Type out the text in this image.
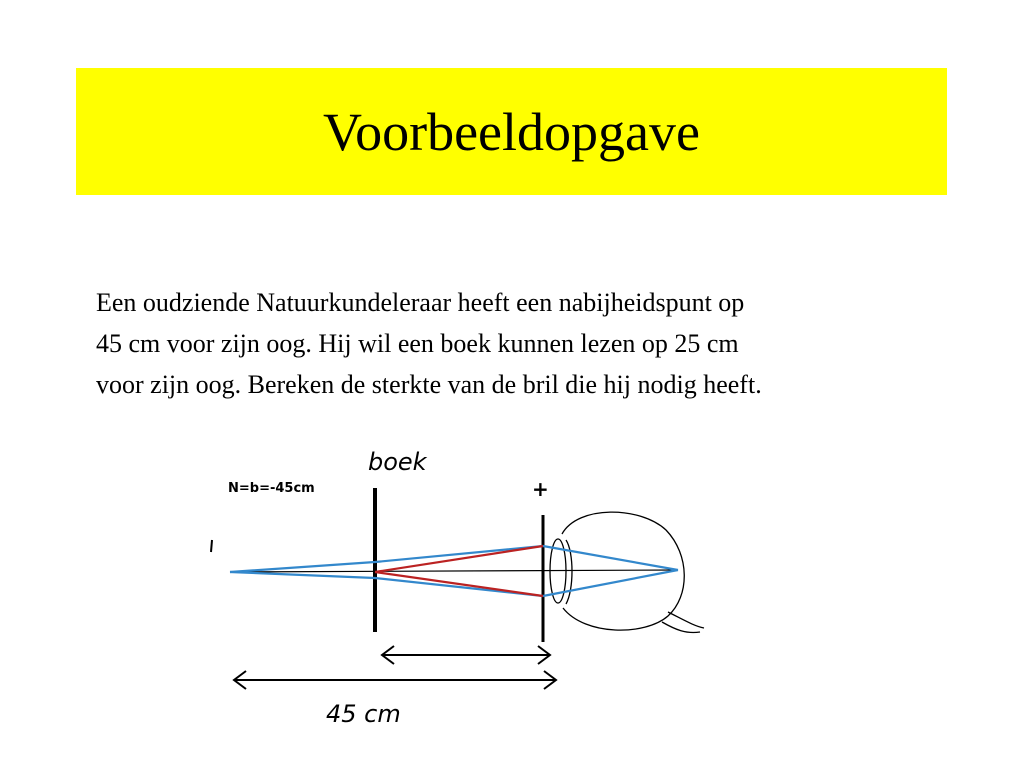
Voorbeeldopgave

Een oudziende Natuurkundeleraar heeft een nabijheidspunt op
45 cm voor zijn oog. Hij wil een boek kunnen lezen op 25 cm
voor zijn oog. Bereken de sterkte van de bril die hij nodig heeft.

boek
N=b=-45cm	+
45 cm
